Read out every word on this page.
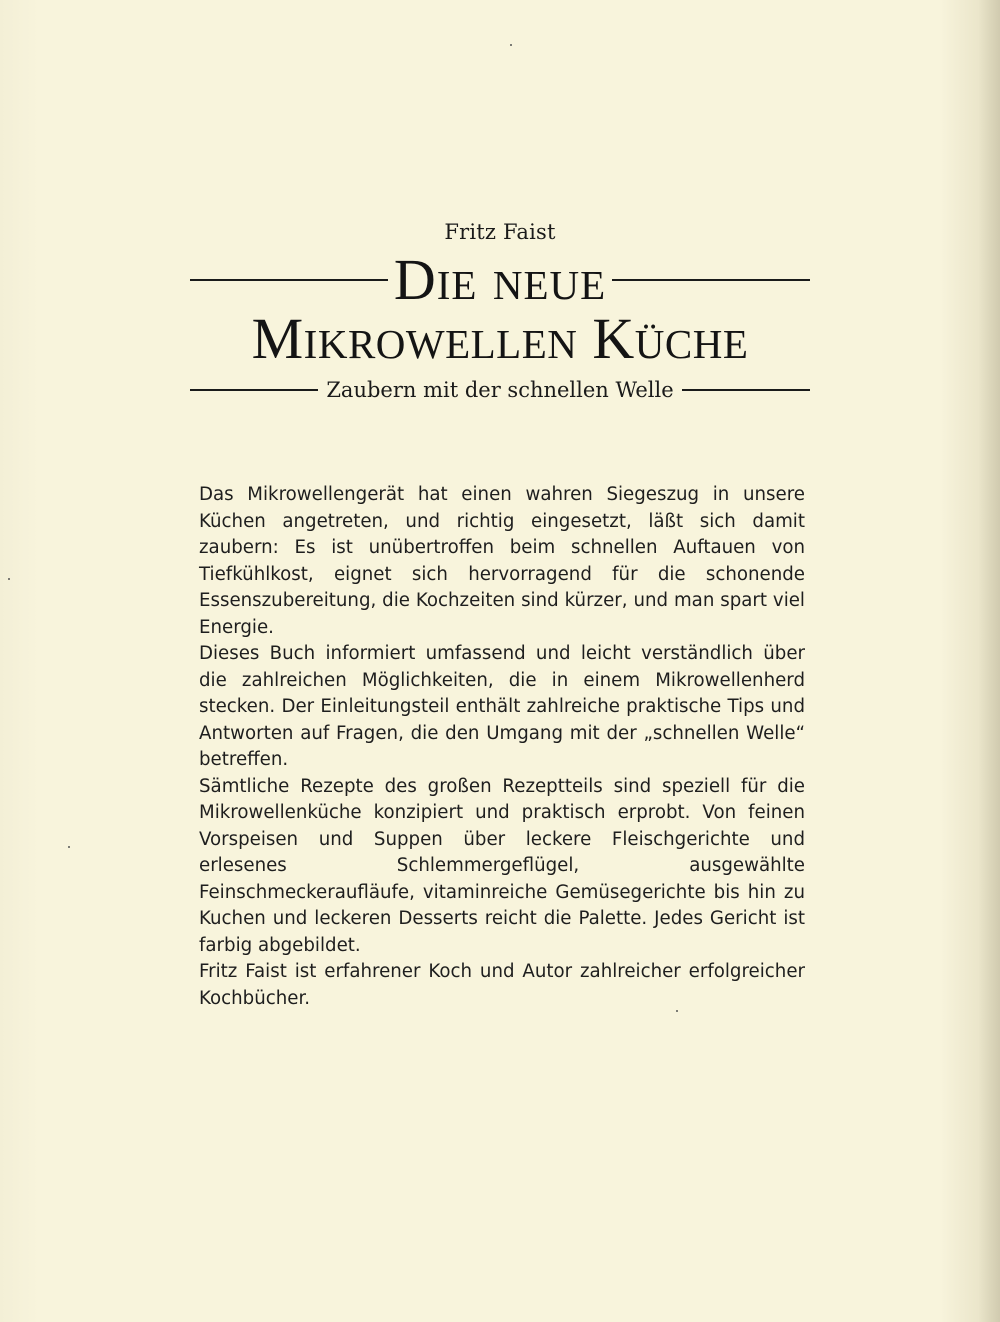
Fritz Faist

Die neue

Mikrowellen Küche

Zaubern mit der schnellen Welle

Das Mikrowellengerät hat einen wahren Siegeszug in unsere Küchen angetreten, und richtig eingesetzt, läßt sich damit zaubern: Es ist unübertroffen beim schnellen Auftauen von Tiefkühlkost, eignet sich hervorragend für die schonende Essenszubereitung, die Kochzeiten sind kürzer, und man spart viel Energie.

Dieses Buch informiert umfassend und leicht verständlich über die zahlreichen Möglichkeiten, die in einem Mikrowellenherd stecken. Der Einleitungsteil enthält zahlreiche praktische Tips und Antworten auf Fragen, die den Umgang mit der „schnellen Welle“ betreffen.

Sämtliche Rezepte des großen Rezeptteils sind speziell für die Mikrowellenküche konzipiert und praktisch erprobt. Von feinen Vorspeisen und Suppen über leckere Fleischgerichte und erlesenes Schlemmergeflügel, ausgewählte Feinschmeckeraufläufe, vitaminreiche Gemüsegerichte bis hin zu Kuchen und leckeren Desserts reicht die Palette. Jedes Gericht ist farbig abgebildet.

Fritz Faist ist erfahrener Koch und Autor zahlreicher erfolgreicher Kochbücher.
